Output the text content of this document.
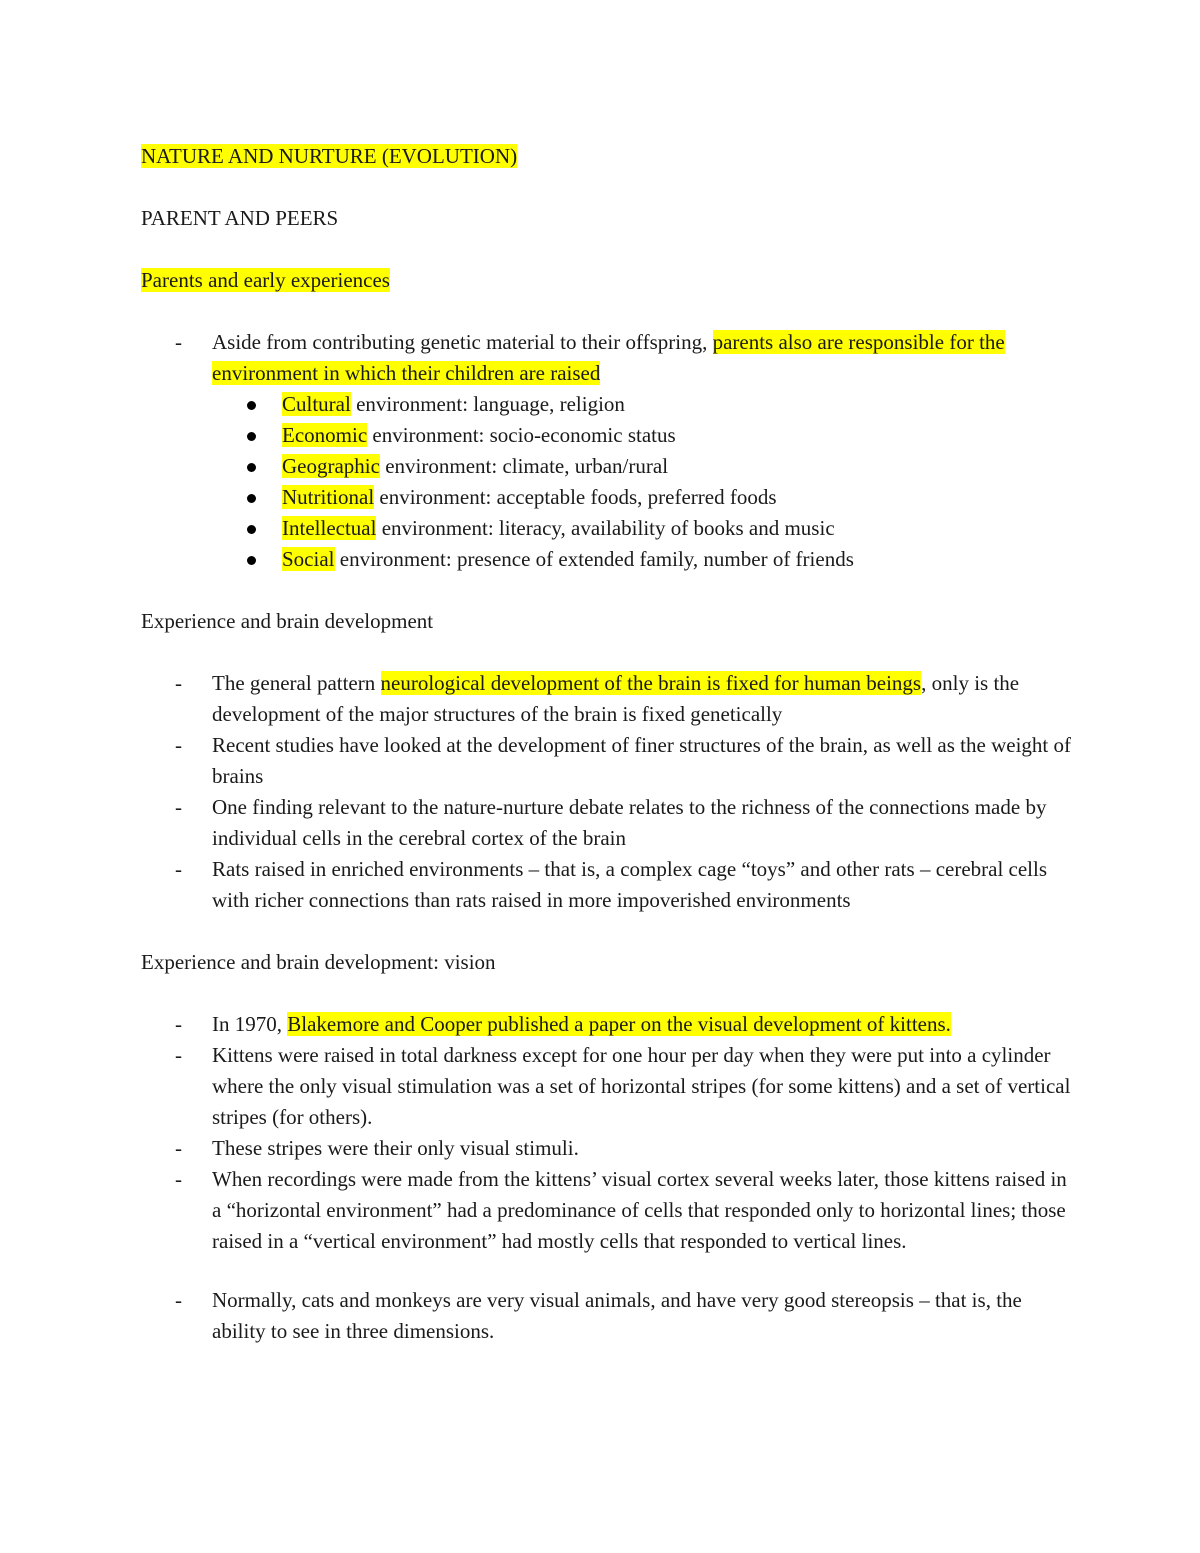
NATURE AND NURTURE (EVOLUTION)

PARENT AND PEERS

Parents and early experiences

- Aside from contributing genetic material to their offspring, parents also are responsible for the environment in which their children are raised
Cultural environment: language, religion
Economic environment: socio-economic status
Geographic environment: climate, urban/rural
Nutritional environment: acceptable foods, preferred foods
Intellectual environment: literacy, availability of books and music
Social environment: presence of extended family, number of friends

Experience and brain development

- The general pattern neurological development of the brain is fixed for human beings, only is the development of the major structures of the brain is fixed genetically
- Recent studies have looked at the development of finer structures of the brain, as well as the weight of brains
- One finding relevant to the nature-nurture debate relates to the richness of the connections made by individual cells in the cerebral cortex of the brain
- Rats raised in enriched environments – that is, a complex cage “toys” and other rats – cerebral cells with richer connections than rats raised in more impoverished environments

Experience and brain development: vision

- In 1970, Blakemore and Cooper published a paper on the visual development of kittens.
- Kittens were raised in total darkness except for one hour per day when they were put into a cylinder where the only visual stimulation was a set of horizontal stripes (for some kittens) and a set of vertical stripes (for others).
- These stripes were their only visual stimuli.
- When recordings were made from the kittens’ visual cortex several weeks later, those kittens raised in a “horizontal environment” had a predominance of cells that responded only to horizontal lines; those raised in a “vertical environment” had mostly cells that responded to vertical lines.
- Normally, cats and monkeys are very visual animals, and have very good stereopsis – that is, the ability to see in three dimensions.
